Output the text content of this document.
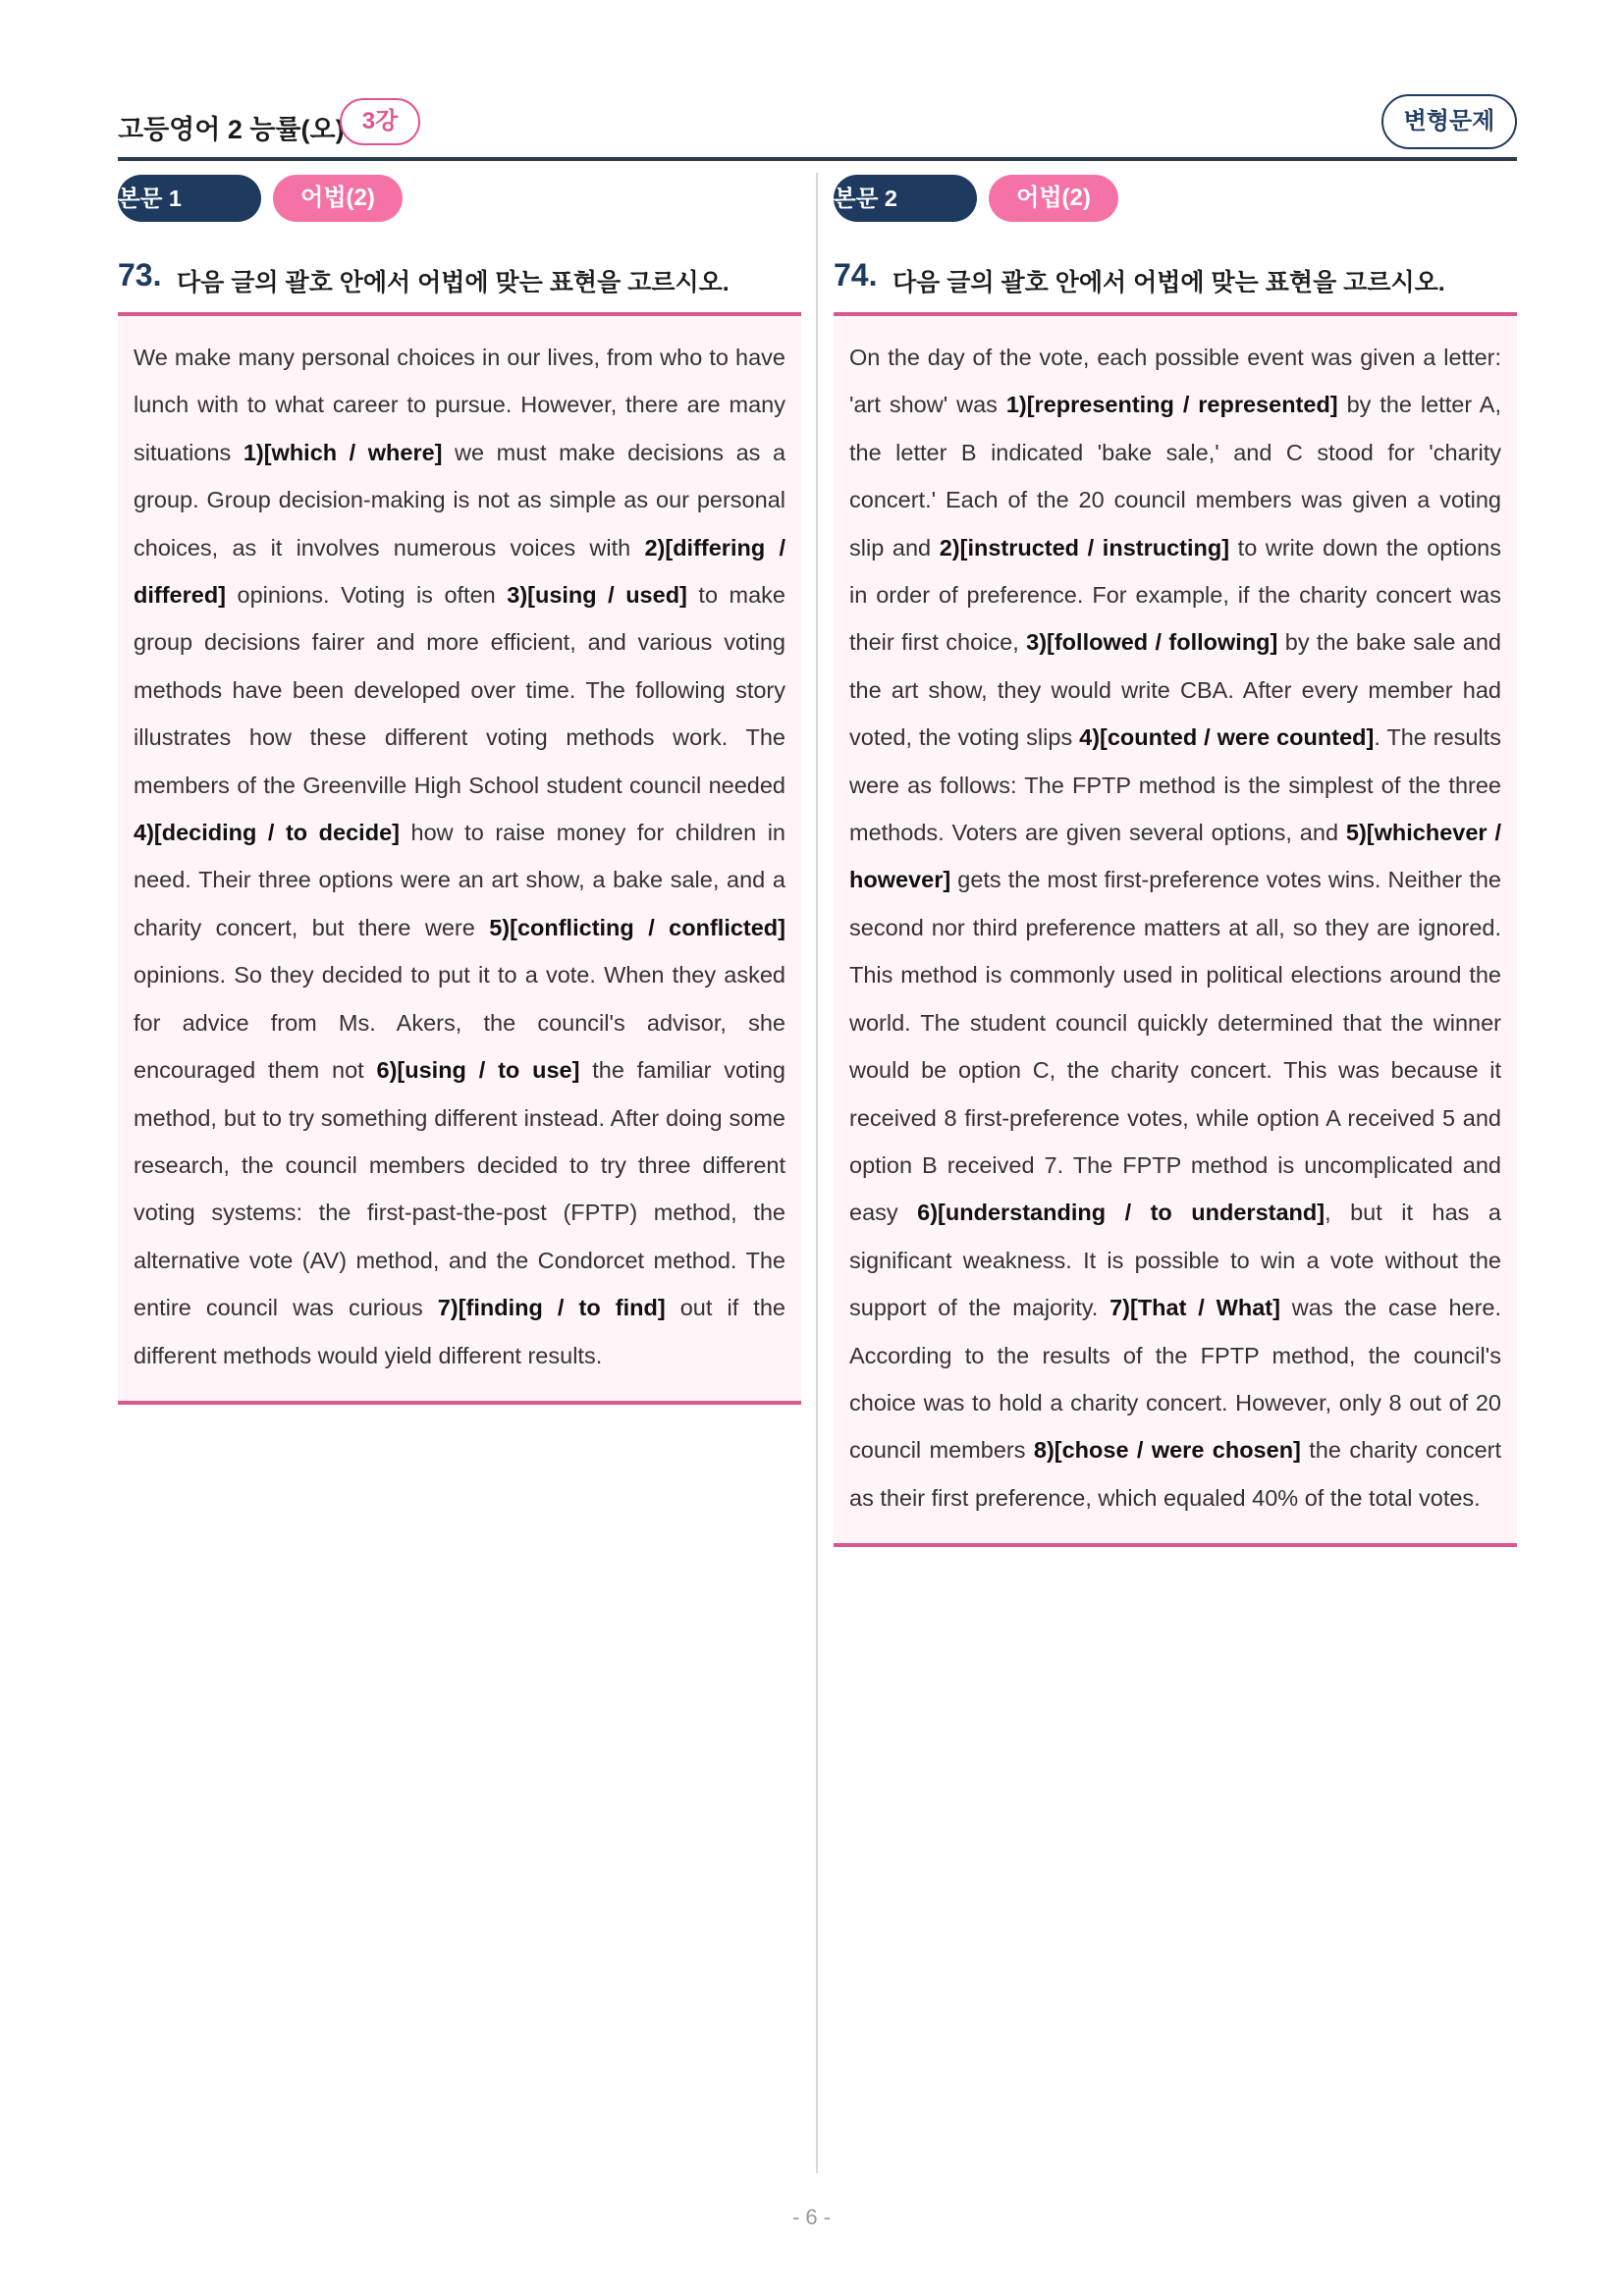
고등영어 2 능률(오) 3강	변형문제
본문 1	어법(2)
73. 다음 글의 괄호 안에서 어법에 맞는 표현을 고르시오.

We make many personal choices in our lives, from who to have lunch with to what career to pursue. However, there are many situations 1)[which / where] we must make decisions as a group. Group decision-making is not as simple as our personal choices, as it involves numerous voices with 2)[differing / differed] opinions. Voting is often 3)[using / used] to make group decisions fairer and more efficient, and various voting methods have been developed over time. The following story illustrates how these different voting methods work. The members of the Greenville High School student council needed 4)[deciding / to decide] how to raise money for children in need. Their three options were an art show, a bake sale, and a charity concert, but there were 5)[conflicting / conflicted] opinions. So they decided to put it to a vote. When they asked for advice from Ms. Akers, the council's advisor, she encouraged them not 6)[using / to use] the familiar voting method, but to try something different instead. After doing some research, the council members decided to try three different voting systems: the first-past-the-post (FPTP) method, the alternative vote (AV) method, and the Condorcet method. The entire council was curious 7)[finding / to find] out if the different methods would yield different results.

본문 2	어법(2)
74. 다음 글의 괄호 안에서 어법에 맞는 표현을 고르시오.

On the day of the vote, each possible event was given a letter: 'art show' was 1)[representing / represented] by the letter A, the letter B indicated 'bake sale,' and C stood for 'charity concert.' Each of the 20 council members was given a voting slip and 2)[instructed / instructing] to write down the options in order of preference. For example, if the charity concert was their first choice, 3)[followed / following] by the bake sale and the art show, they would write CBA. After every member had voted, the voting slips 4)[counted / were counted]. The results were as follows: The FPTP method is the simplest of the three methods. Voters are given several options, and 5)[whichever / however] gets the most first-preference votes wins. Neither the second nor third preference matters at all, so they are ignored. This method is commonly used in political elections around the world. The student council quickly determined that the winner would be option C, the charity concert. This was because it received 8 first-preference votes, while option A received 5 and option B received 7. The FPTP method is uncomplicated and easy 6)[understanding / to understand], but it has a significant weakness. It is possible to win a vote without the support of the majority. 7)[That / What] was the case here. According to the results of the FPTP method, the council's choice was to hold a charity concert. However, only 8 out of 20 council members 8)[chose / were chosen] the charity concert as their first preference, which equaled 40% of the total votes.

- 6 -
